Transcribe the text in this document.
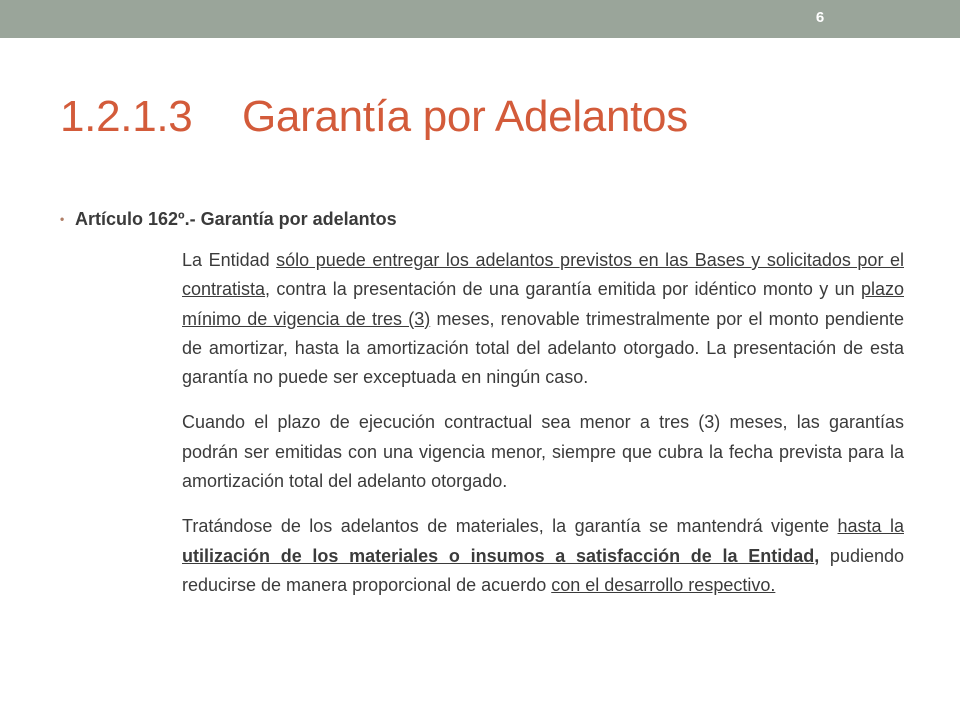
6
1.2.1.3 Garantía por Adelantos
• Artículo 162º.- Garantía por adelantos

La Entidad sólo puede entregar los adelantos previstos en las Bases y solicitados por el contratista, contra la presentación de una garantía emitida por idéntico monto y un plazo mínimo de vigencia de tres (3) meses, renovable trimestralmente por el monto pendiente de amortizar, hasta la amortización total del adelanto otorgado. La presentación de esta garantía no puede ser exceptuada en ningún caso.

Cuando el plazo de ejecución contractual sea menor a tres (3) meses, las garantías podrán ser emitidas con una vigencia menor, siempre que cubra la fecha prevista para la amortización total del adelanto otorgado.

Tratándose de los adelantos de materiales, la garantía se mantendrá vigente hasta la utilización de los materiales o insumos a satisfacción de la Entidad, pudiendo reducirse de manera proporcional de acuerdo con el desarrollo respectivo.
